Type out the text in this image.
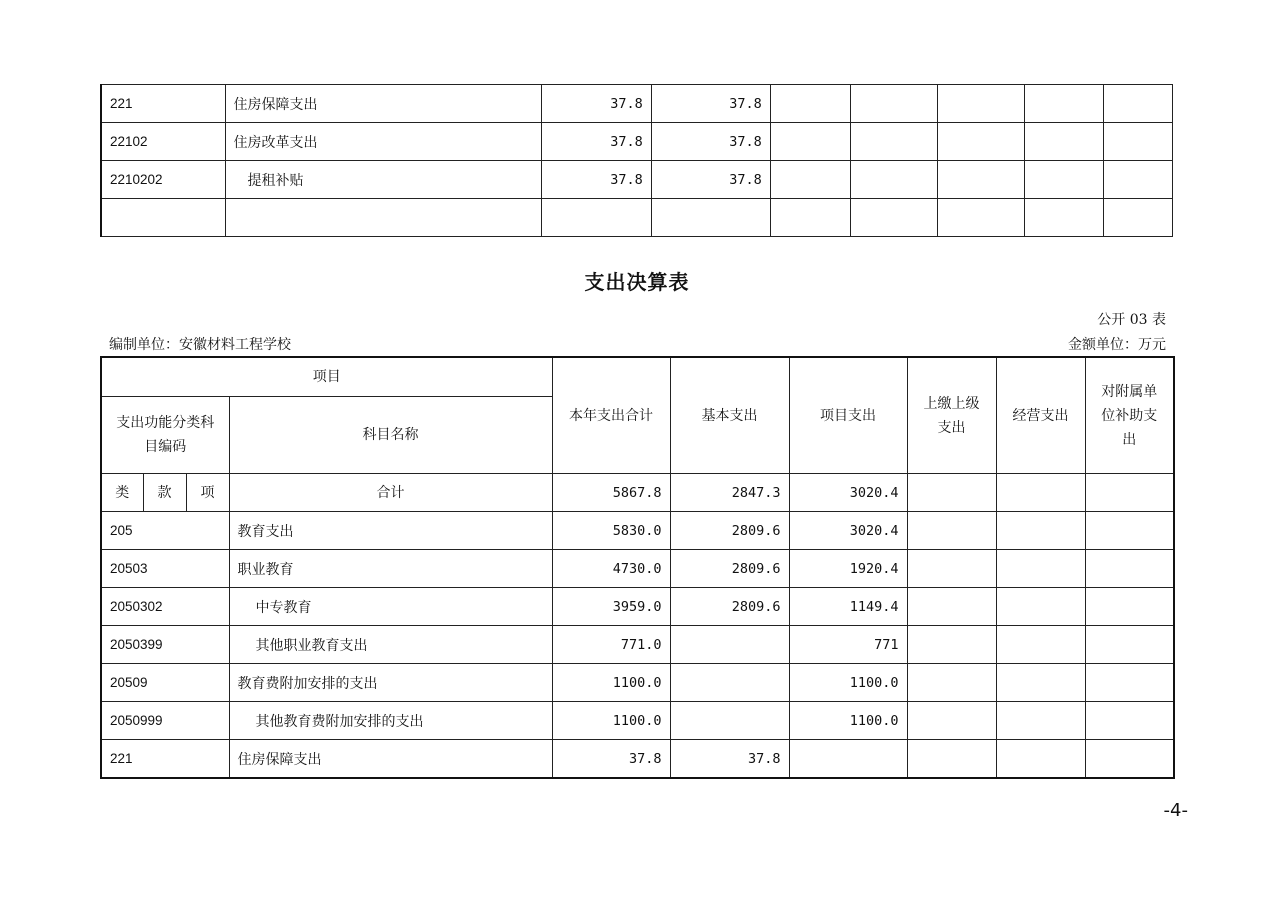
221	住房保障支出	37.8	37.8					
22102	住房改革支出	37.8	37.8					
2210202	提租补贴	37.8	37.8					

支出决算表
公开 03 表
编制单位：安徽材料工程学校	金额单位：万元
项目				本年支出合计	基本支出	项目支出	上缴上级支出	经营支出	对附属单位补助支出
支出功能分类科目编码			科目名称						
类	款	项	合计	5867.8	2847.3	3020.4			
205			教育支出	5830.0	2809.6	3020.4			
20503			职业教育	4730.0	2809.6	1920.4			
2050302			中专教育	3959.0	2809.6	1149.4			
2050399			其他职业教育支出	771.0		771			
20509			教育费附加安排的支出	1100.0		1100.0			
2050999			其他教育费附加安排的支出	1100.0		1100.0			
221			住房保障支出	37.8	37.8				
-4-
